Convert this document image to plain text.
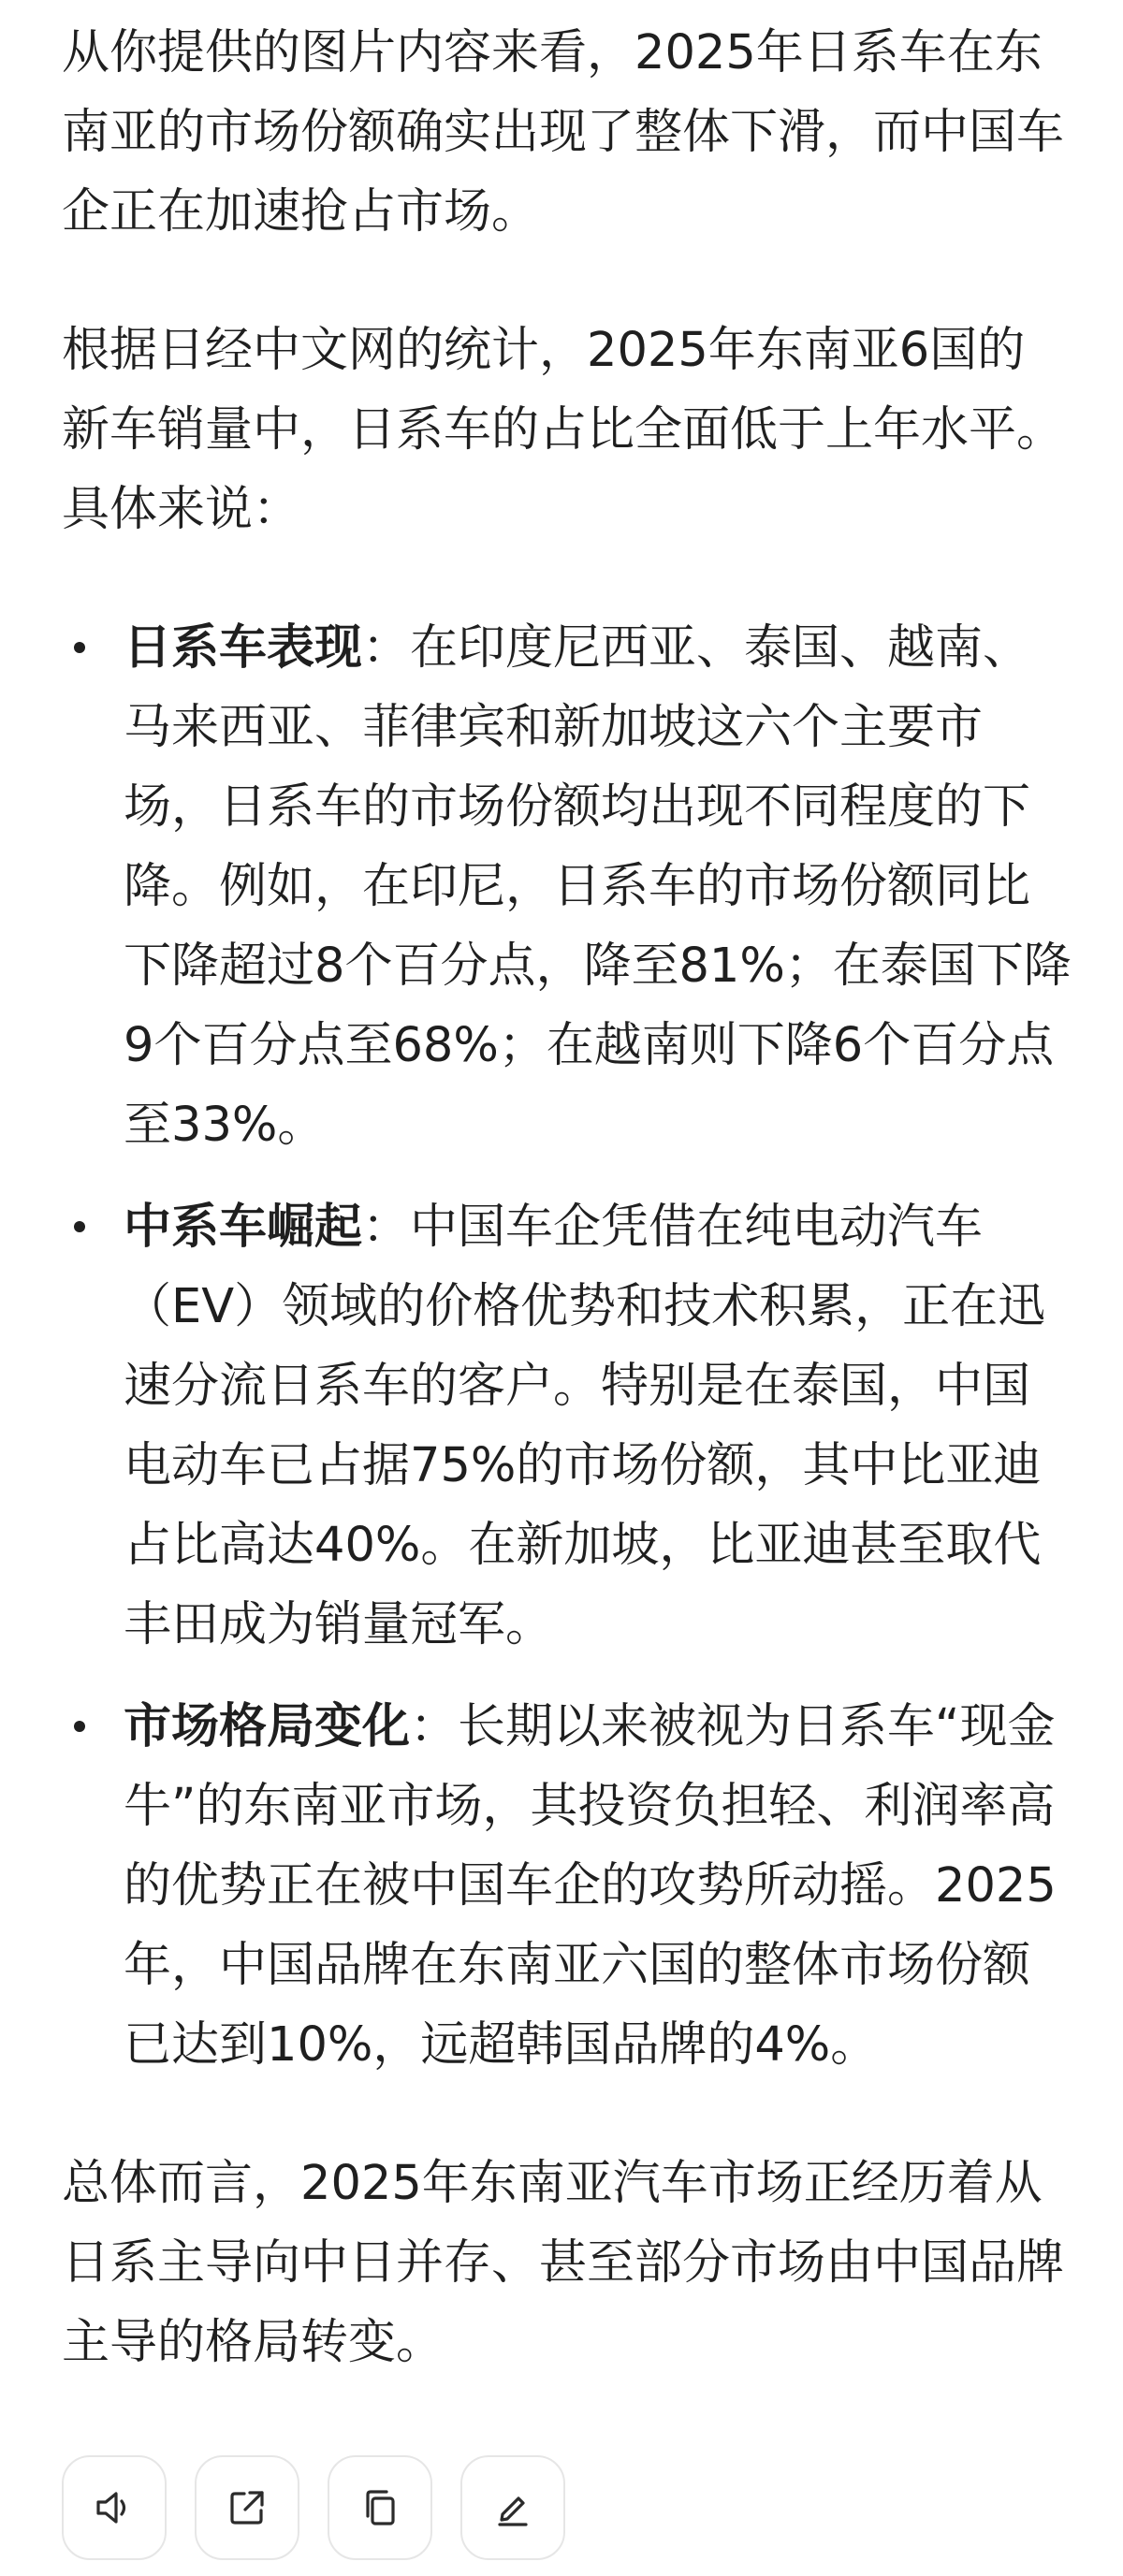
从你提供的图片内容来看，2025年日系车在东南亚的市场份额确实出现了整体下滑，而中国车企正在加速抢占市场。

根据日经中文网的统计，2025年东南亚6国的新车销量中，日系车的占比全面低于上年水平。具体来说：

日系车表现：在印度尼西亚、泰国、越南、马来西亚、菲律宾和新加坡这六个主要市场，日系车的市场份额均出现不同程度的下降。例如，在印尼，日系车的市场份额同比下降超过8个百分点，降至81%；在泰国下降9个百分点至68%；在越南则下降6个百分点至33%。
中系车崛起：中国车企凭借在纯电动汽车（EV）领域的价格优势和技术积累，正在迅速分流日系车的客户。特别是在泰国，中国电动车已占据75%的市场份额，其中比亚迪占比高达40%。在新加坡，比亚迪甚至取代丰田成为销量冠军。
市场格局变化：长期以来被视为日系车“现金牛”的东南亚市场，其投资负担轻、利润率高的优势正在被中国车企的攻势所动摇。2025年，中国品牌在东南亚六国的整体市场份额已达到10%，远超韩国品牌的4%。

总体而言，2025年东南亚汽车市场正经历着从日系主导向中日并存、甚至部分市场由中国品牌主导的格局转变。
